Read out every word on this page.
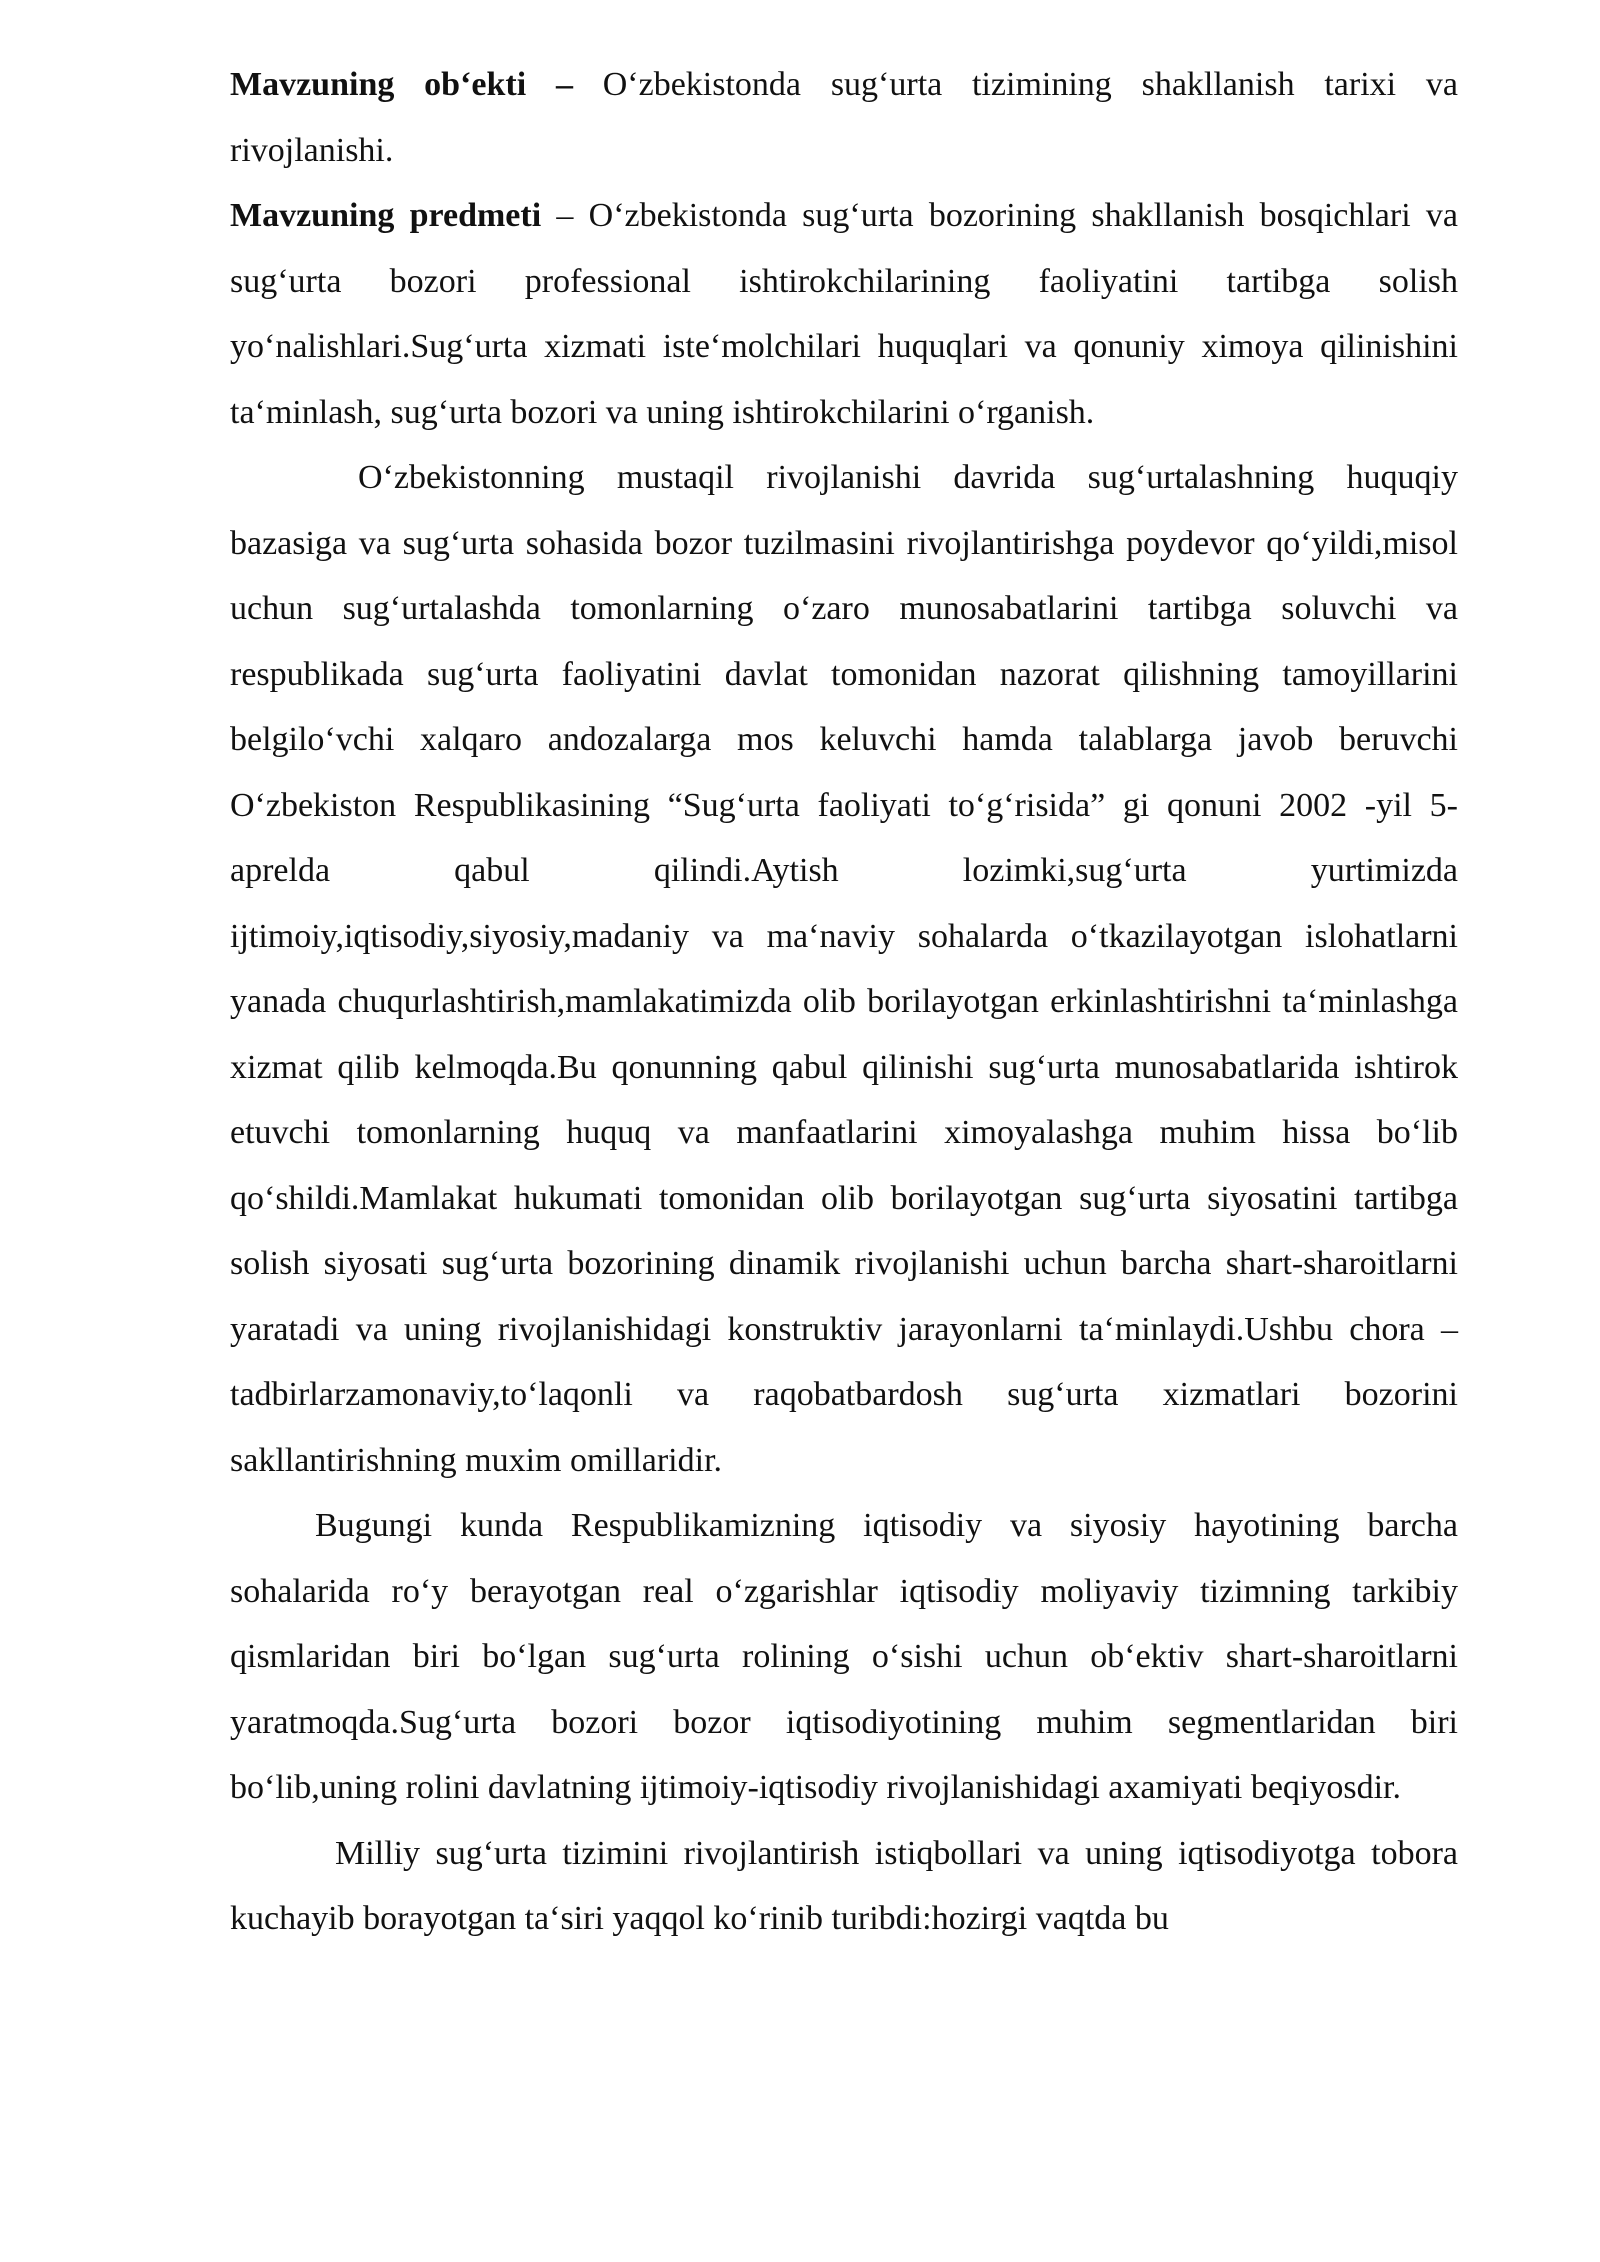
Mavzuning ob‘ekti – O‘zbekistonda sug‘urta tizimining shakllanish tarixi va rivojlanishi.

Mavzuning predmeti – O‘zbekistonda sug‘urta bozorining shakllanish bosqichlari va sug‘urta bozori professional ishtirokchilarining faoliyatini tartibga solish yo‘nalishlari.Sug‘urta xizmati iste‘molchilari huquqlari va qonuniy ximoya qilinishini ta‘minlash, sug‘urta bozori va uning ishtirokchilarini o‘rganish.

O‘zbekistonning mustaqil rivojlanishi davrida sug‘urtalashning huquqiy bazasiga va sug‘urta sohasida bozor tuzilmasini rivojlantirishga poydevor qo‘yildi,misol uchun sug‘urtalashda tomonlarning o‘zaro munosabatlarini tartibga soluvchi va respublikada sug‘urta faoliyatini davlat tomonidan nazorat qilishning tamoyillarini belgilo‘vchi xalqaro andozalarga mos keluvchi hamda talablarga javob beruvchi O‘zbekiston Respublikasining “Sug‘urta faoliyati to‘g‘risida” gi qonuni 2002 -yil 5-aprelda qabul qilindi.Aytish lozimki,sug‘urta yurtimizda ijtimoiy,iqtisodiy,siyosiy,madaniy va ma‘naviy sohalarda o‘tkazilayotgan islohatlarni yanada chuqurlashtirish,mamlakatimizda olib borilayotgan erkinlashtirishni ta‘minlashga xizmat qilib kelmoqda.Bu qonunning qabul qilinishi sug‘urta munosabatlarida ishtirok etuvchi tomonlarning huquq va manfaatlarini ximoyalashga muhim hissa bo‘lib qo‘shildi.Mamlakat hukumati tomonidan olib borilayotgan sug‘urta siyosatini tartibga solish siyosati sug‘urta bozorining dinamik rivojlanishi uchun barcha shart-sharoitlarni yaratadi va uning rivojlanishidagi konstruktiv jarayonlarni ta‘minlaydi.Ushbu chora – tadbirlarzamonaviy,to‘laqonli va raqobatbardosh sug‘urta xizmatlari bozorini sakllantirishning muxim omillaridir.

Bugungi kunda Respublikamizning iqtisodiy va siyosiy hayotining barcha sohalarida ro‘y berayotgan real o‘zgarishlar iqtisodiy moliyaviy tizimning tarkibiy qismlaridan biri bo‘lgan sug‘urta rolining o‘sishi uchun ob‘ektiv shart-sharoitlarni yaratmoqda.Sug‘urta bozori bozor iqtisodiyotining muhim segmentlaridan biri bo‘lib,uning rolini davlatning ijtimoiy-iqtisodiy rivojlanishidagi axamiyati beqiyosdir.

Milliy sug‘urta tizimini rivojlantirish istiqbollari va uning iqtisodiyotga tobora kuchayib borayotgan ta‘siri yaqqol ko‘rinib turibdi:hozirgi vaqtda bu
